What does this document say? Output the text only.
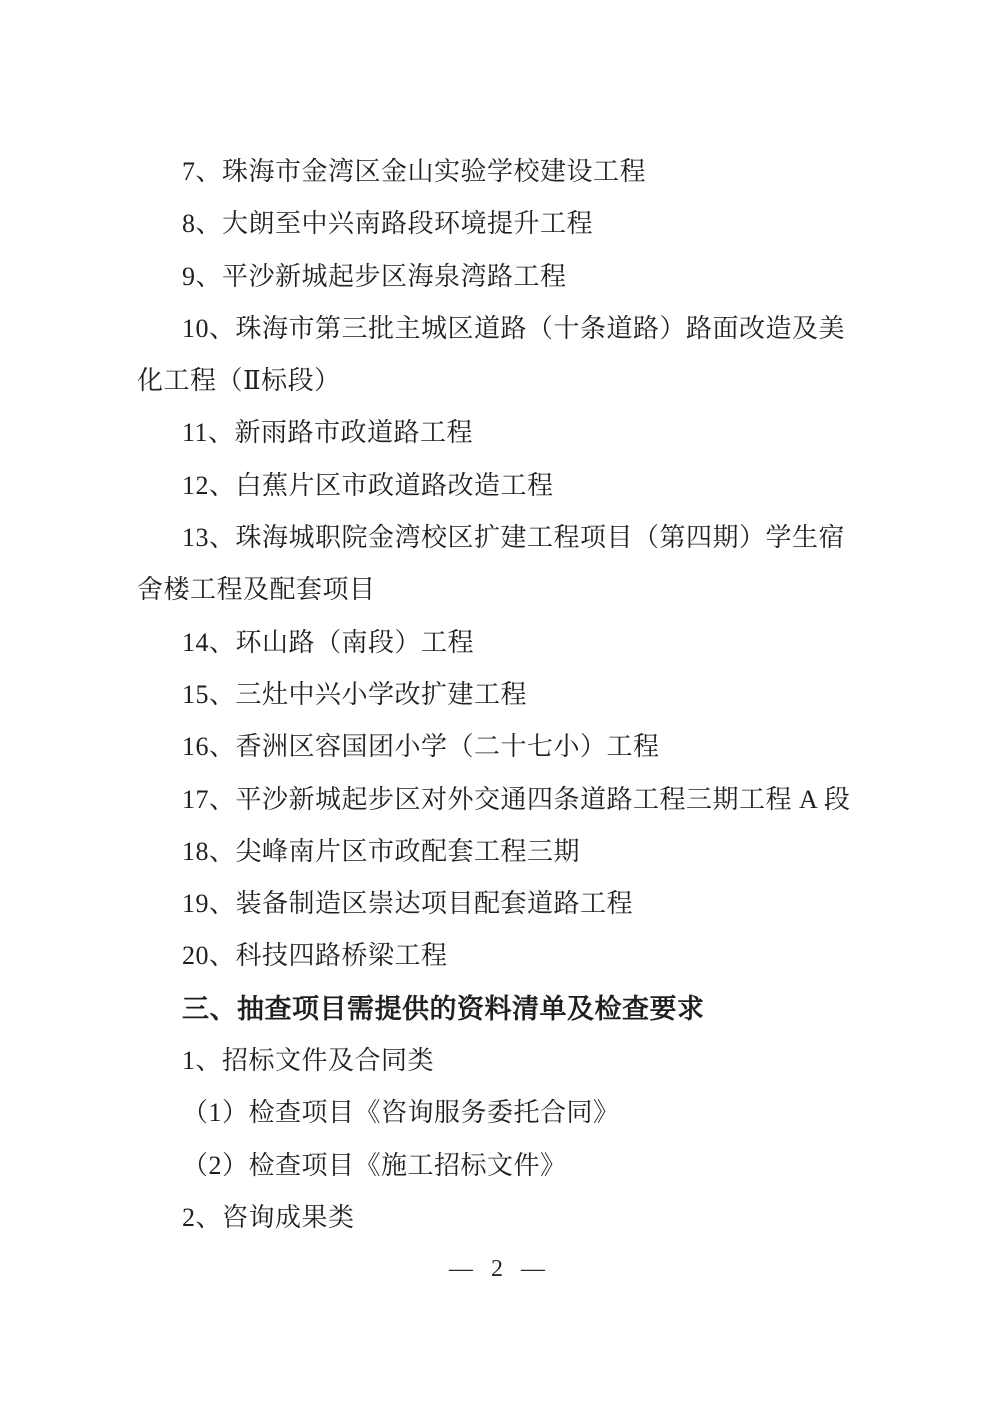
7、珠海市金湾区金山实验学校建设工程
8、大朗至中兴南路段环境提升工程
9、平沙新城起步区海泉湾路工程
10、珠海市第三批主城区道路（十条道路）路面改造及美
化工程（Ⅱ标段）
11、新雨路市政道路工程
12、白蕉片区市政道路改造工程
13、珠海城职院金湾校区扩建工程项目（第四期）学生宿
舍楼工程及配套项目
14、环山路（南段）工程
15、三灶中兴小学改扩建工程
16、香洲区容国团小学（二十七小）工程
17、平沙新城起步区对外交通四条道路工程三期工程 A 段
18、尖峰南片区市政配套工程三期
19、装备制造区崇达项目配套道路工程
20、科技四路桥梁工程
三、抽查项目需提供的资料清单及检查要求
1、招标文件及合同类
（1）检查项目《咨询服务委托合同》
（2）检查项目《施工招标文件》
2、咨询成果类
— 2 —
